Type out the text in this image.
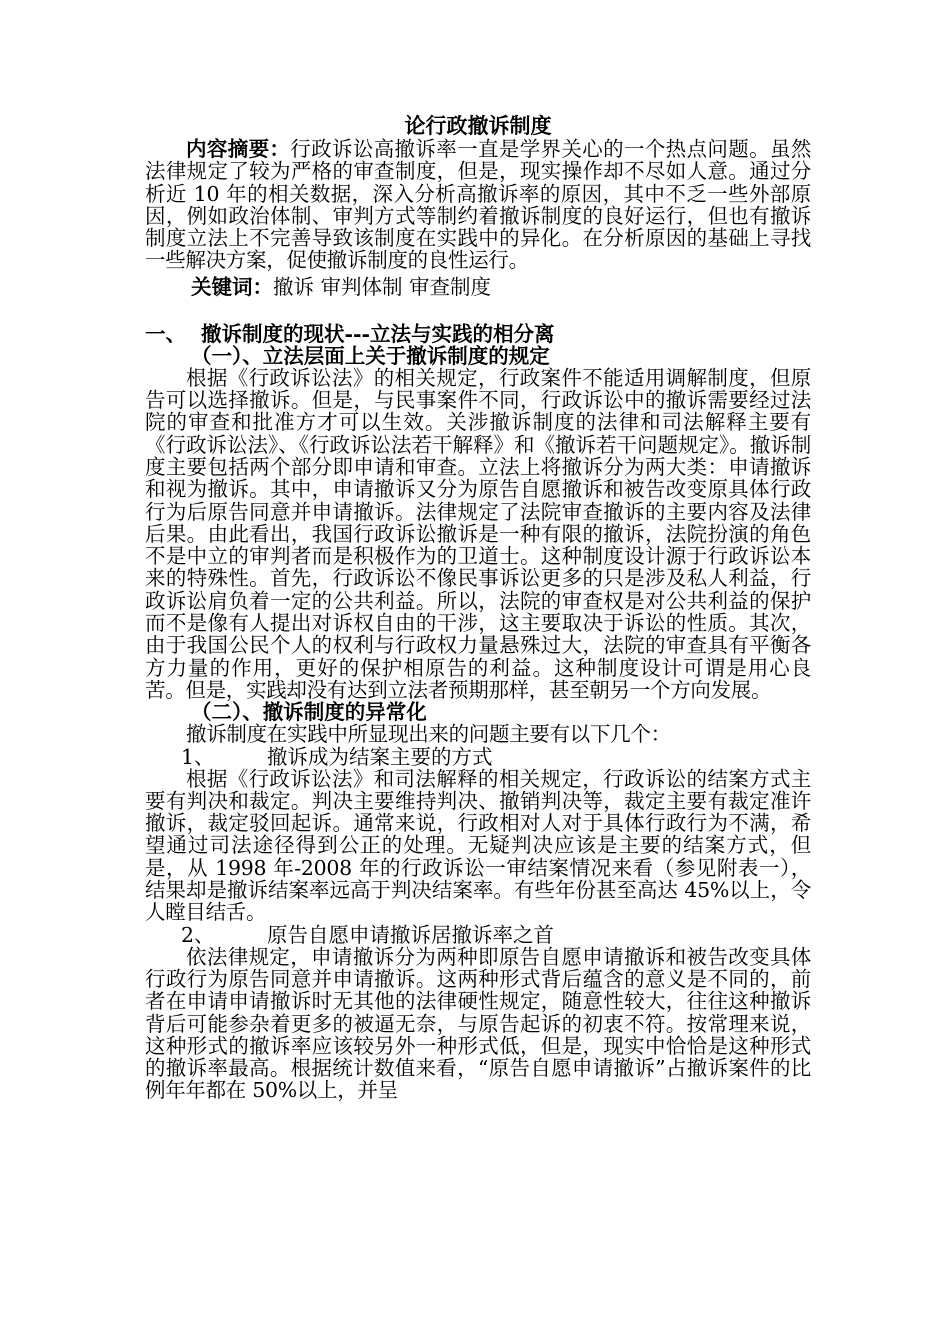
论行政撤诉制度

内容摘要：行政诉讼高撤诉率一直是学界关心的一个热点问题。虽然法律规定了较为严格的审查制度，但是，现实操作却不尽如人意。通过分析近 10 年的相关数据，深入分析高撤诉率的原因，其中不乏一些外部原因，例如政治体制、审判方式等制约着撤诉制度的良好运行，但也有撤诉制度立法上不完善导致该制度在实践中的异化。在分析原因的基础上寻找一些解决方案，促使撤诉制度的良性运行。

关键词：撤诉 审判体制 审查制度
一、 撤诉制度的现状---立法与实践的相分离
（一）、立法层面上关于撤诉制度的规定

根据《行政诉讼法》的相关规定，行政案件不能适用调解制度，但原告可以选择撤诉。但是，与民事案件不同，行政诉讼中的撤诉需要经过法院的审查和批准方才可以生效。关涉撤诉制度的法律和司法解释主要有《行政诉讼法》、《行政诉讼法若干解释》和《撤诉若干问题规定》。撤诉制度主要包括两个部分即申请和审查。立法上将撤诉分为两大类：申请撤诉和视为撤诉。其中，申请撤诉又分为原告自愿撤诉和被告改变原具体行政行为后原告同意并申请撤诉。法律规定了法院审查撤诉的主要内容及法律后果。由此看出，我国行政诉讼撤诉是一种有限的撤诉，法院扮演的角色不是中立的审判者而是积极作为的卫道士。这种制度设计源于行政诉讼本来的特殊性。首先，行政诉讼不像民事诉讼更多的只是涉及私人利益，行政诉讼肩负着一定的公共利益。所以，法院的审查权是对公共利益的保护而不是像有人提出对诉权自由的干涉，这主要取决于诉讼的性质。其次，由于我国公民个人的权利与行政权力量悬殊过大，法院的审查具有平衡各方力量的作用，更好的保护相原告的利益。这种制度设计可谓是用心良苦。但是，实践却没有达到立法者预期那样，甚至朝另一个方向发展。

（二）、撤诉制度的异常化

撤诉制度在实践中所显现出来的问题主要有以下几个：

1、	撤诉成为结案主要的方式

根据《行政诉讼法》和司法解释的相关规定，行政诉讼的结案方式主要有判决和裁定。判决主要维持判决、撤销判决等，裁定主要有裁定准许撤诉，裁定驳回起诉。通常来说，行政相对人对于具体行政行为不满，希望通过司法途径得到公正的处理。无疑判决应该是主要的结案方式，但是，从 1998 年-2008 年的行政诉讼一审结案情况来看（参见附表一）， 结果却是撤诉结案率远高于判决结案率。有些年份甚至高达 45%以上，令人瞠目结舌。

2、	原告自愿申请撤诉居撤诉率之首

依法律规定，申请撤诉分为两种即原告自愿申请撤诉和被告改变具体行政行为原告同意并申请撤诉。这两种形式背后蕴含的意义是不同的，前者在申请申请撤诉时无其他的法律硬性规定，随意性较大，往往这种撤诉背后可能参杂着更多的被逼无奈，与原告起诉的初衷不符。按常理来说，这种形式的撤诉率应该较另外一种形式低，但是，现实中恰恰是这种形式的撤诉率最高。根据统计数值来看，“原告自愿申请撤诉”占撤诉案件的比例年年都在 50%以上，并呈
